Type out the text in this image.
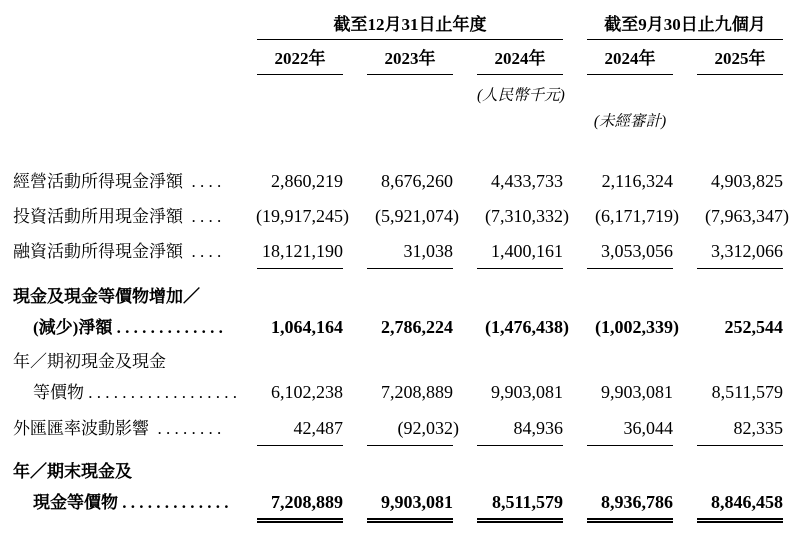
截至12月31日止年度	截至9月30日止九個月
2022年	2023年	2024年	2024年	2025年
(人民幣千元)
(未經審計)
經營活動所得現金淨額  . . . .	2,860,219 8,676,260 4,433,733 2,116,324 4,903,825
投資活動所用現金淨額  . . . .	(19,917,245) (5,921,074) (7,310,332) (6,171,719) (7,963,347)
融資活動所得現金淨額  . . . .	18,121,190	31,038 1,400,161 3,053,056 3,312,066
現金及現金等價物增加／
(減少)淨額 . . . . . . . . . . . . .	1,064,164 2,786,224 (1,476,438) (1,002,339)	252,544
年／期初現金及現金
等價物 . . . . . . . . . . . . . . . . . . 6,102,238 7,208,889 9,903,081 9,903,081 8,511,579
外匯匯率波動影響  . . . . . . . .	42,487	(92,032)	84,936	36,044	82,335
年／期末現金及
現金等價物 . . . . . . . . . . . . . 7,208,889 9,903,081 8,511,579 8,936,786 8,846,458
